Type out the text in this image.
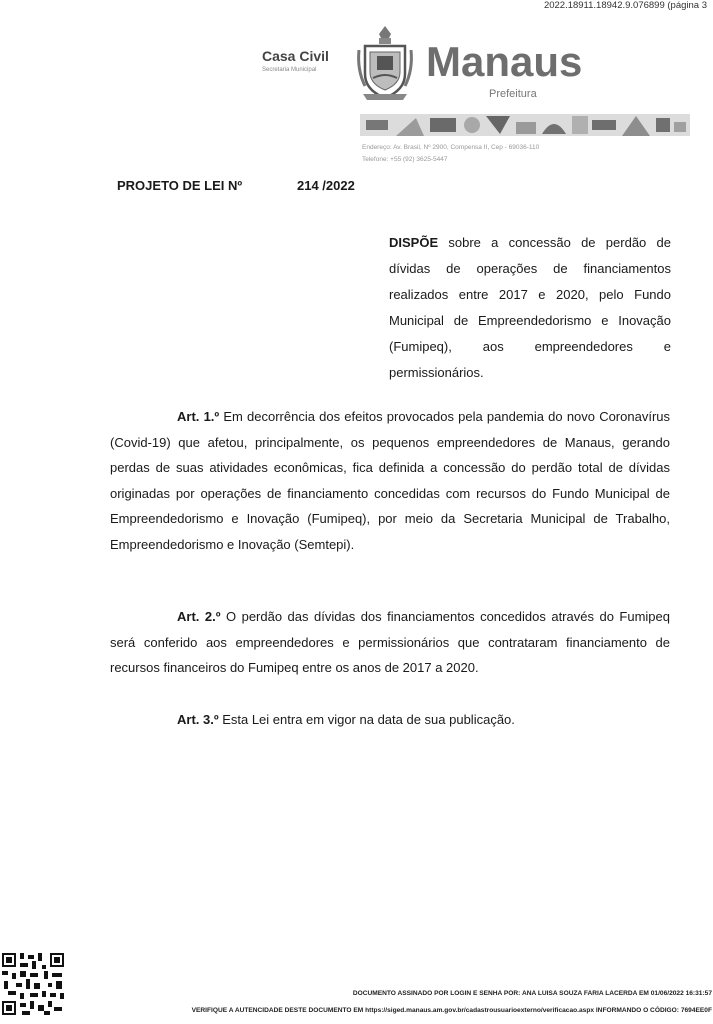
2022.18911.18942.9.076899 (página 3
Casa Civil
Secretaria Municipal	Manaus
Prefeitura
Endereço: Av. Brasil, Nº 2900, Compensa II, Cep - 69036-110
Telefone: +55 (92) 3625-5447
PROJETO DE LEI Nº	214 /2022
DISPÕE sobre a concessão de perdão de dívidas de operações de financiamentos realizados entre 2017 e 2020, pelo Fundo Municipal de Empreendedorismo e Inovação (Fumipeq), aos empreendedores e permissionários.
Art. 1.º Em decorrência dos efeitos provocados pela pandemia do novo Coronavírus (Covid-19) que afetou, principalmente, os pequenos empreendedores de Manaus, gerando perdas de suas atividades econômicas, fica definida a concessão do perdão total de dívidas originadas por operações de financiamento concedidas com recursos do Fundo Municipal de Empreendedorismo e Inovação (Fumipeq), por meio da Secretaria Municipal de Trabalho, Empreendedorismo e Inovação (Semtepi).
Art. 2.º O perdão das dívidas dos financiamentos concedidos através do Fumipeq será conferido aos empreendedores e permissionários que contrataram financiamento de recursos financeiros do Fumipeq entre os anos de 2017 a 2020.
Art. 3.º Esta Lei entra em vigor na data de sua publicação.
DOCUMENTO ASSINADO POR LOGIN E SENHA POR: ANA LUISA SOUZA FARIA LACERDA EM 01/06/2022 16:31:57
VERIFIQUE A AUTENCIDADE DESTE DOCUMENTO EM https://siged.manaus.am.gov.br/cadastrousuarioexterno/verificacao.aspx INFORMANDO O CÓDIGO: 7694EE0F
